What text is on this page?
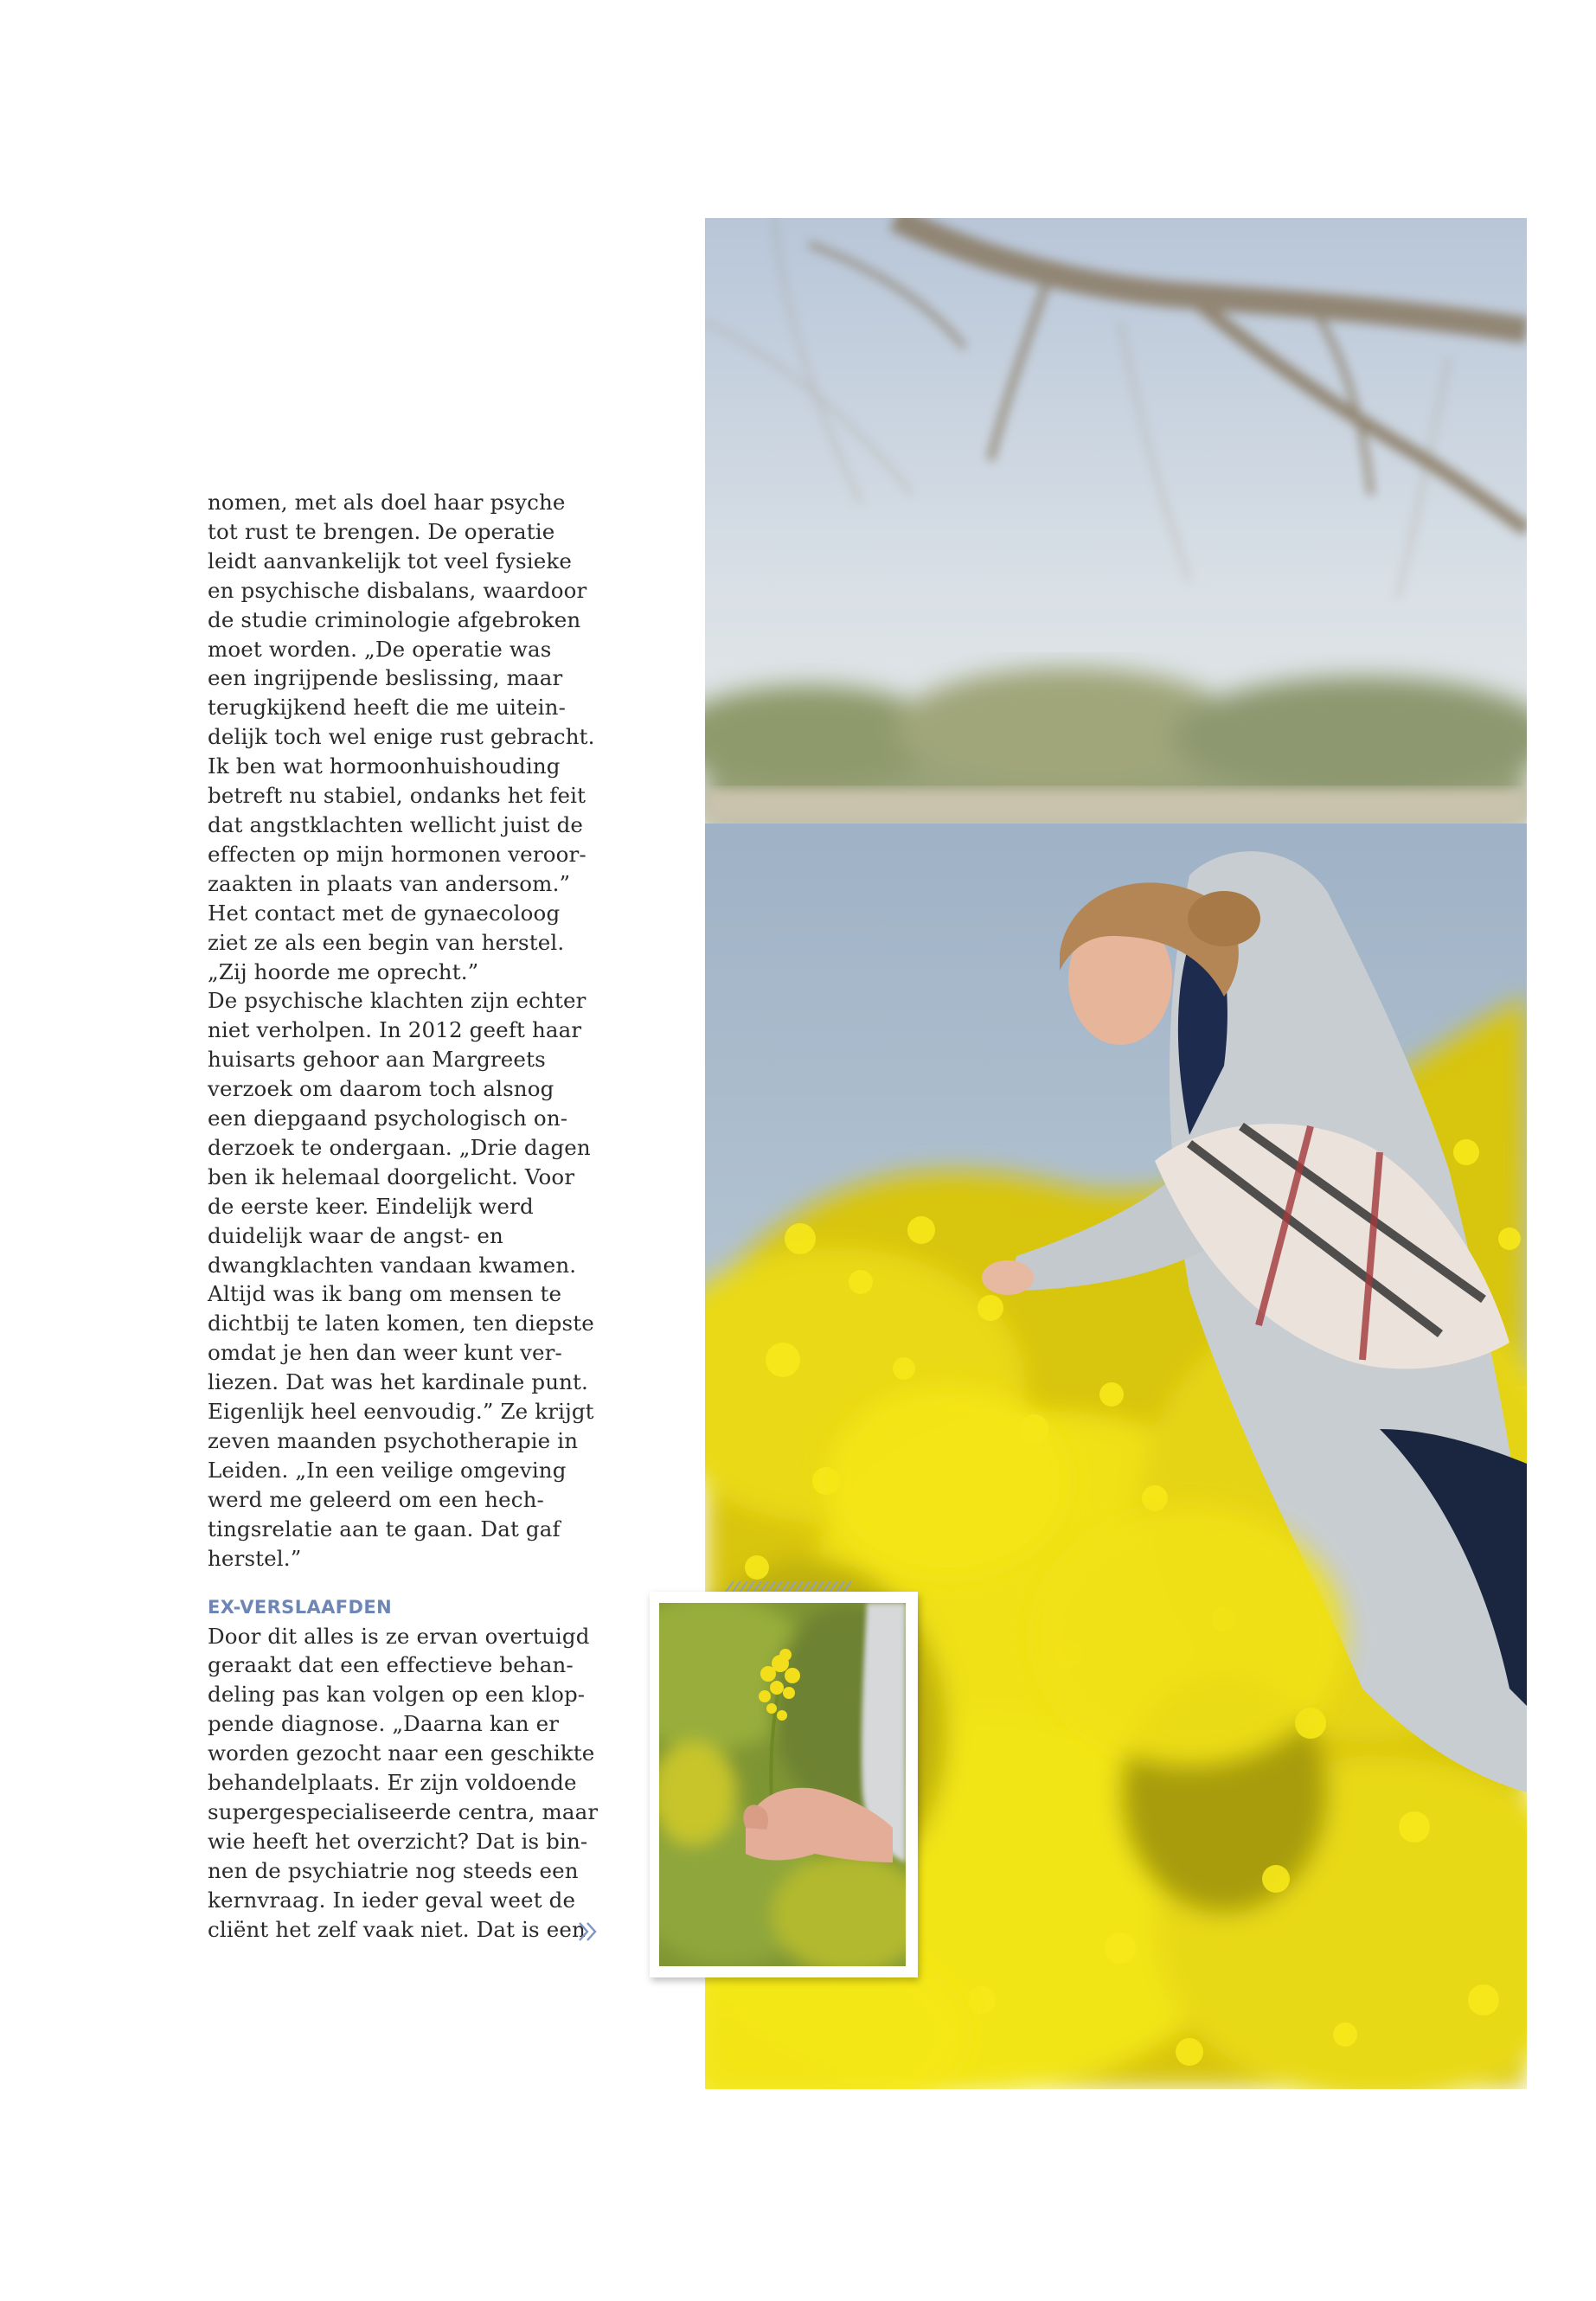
nomen, met als doel haar psyche
tot rust te brengen. De operatie
leidt aanvankelijk tot veel fysieke
en psychische disbalans, waardoor
de studie criminologie afgebroken
moet worden. „De operatie was
een ingrijpende beslissing, maar
terugkijkend heeft die me uitein-
delijk toch wel enige rust gebracht.
Ik ben wat hormoonhuishouding
betreft nu stabiel, ondanks het feit
dat angstklachten wellicht juist de
effecten op mijn hormonen veroor-
zaakten in plaats van andersom.”
Het contact met de gynaecoloog
ziet ze als een begin van herstel.
„Zij hoorde me oprecht.”
De psychische klachten zijn echter
niet verholpen. In 2012 geeft haar
huisarts gehoor aan Margreets
verzoek om daarom toch alsnog
een diepgaand psychologisch on-
derzoek te ondergaan. „Drie dagen
ben ik helemaal doorgelicht. Voor
de eerste keer. Eindelijk werd
duidelijk waar de angst- en
dwangklachten vandaan kwamen.
Altijd was ik bang om mensen te
dichtbij te laten komen, ten diepste
omdat je hen dan weer kunt ver-
liezen. Dat was het kardinale punt.
Eigenlijk heel eenvoudig.” Ze krijgt
zeven maanden psychotherapie in
Leiden. „In een veilige omgeving
werd me geleerd om een hech-
tingsrelatie aan te gaan. Dat gaf
herstel.”
EX-VERSLAAFDEN
Door dit alles is ze ervan overtuigd
geraakt dat een effectieve behan-
deling pas kan volgen op een klop-
pende diagnose. „Daarna kan er
worden gezocht naar een geschikte
behandelplaats. Er zijn voldoende
supergespecialiseerde centra, maar
wie heeft het overzicht? Dat is bin-
nen de psychiatrie nog steeds een
kernvraag. In ieder geval weet de
cliënt het zelf vaak niet. Dat is een
